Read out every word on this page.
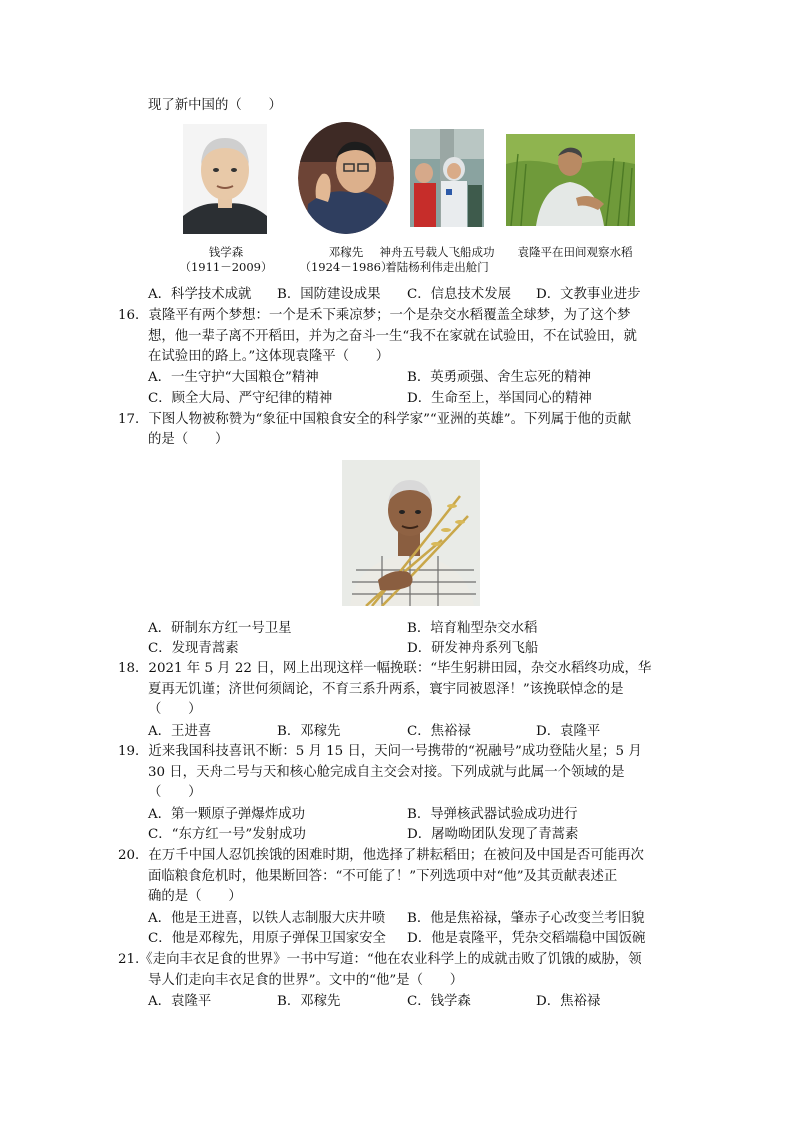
现了新中国的（　　）
钱学森
（1911－2009）
邓稼先
（1924－1986）
神舟五号载人飞船成功
着陆杨利伟走出舱门
袁隆平在田间观察水稻
A．科学技术成就 B．国防建设成果 C．信息技术发展 D．文教事业进步
16．袁隆平有两个梦想：一个是禾下乘凉梦；一个是杂交水稻覆盖全球梦，为了这个梦
想，他一辈子离不开稻田，并为之奋斗一生“我不在家就在试验田，不在试验田，就
在试验田的路上。”这体现袁隆平（　　）
A．一生守护“大国粮仓”精神	B．英勇顽强、舍生忘死的精神
C．顾全大局、严守纪律的精神	D．生命至上，举国同心的精神
17．下图人物被称赞为“象征中国粮食安全的科学家”“亚洲的英雄”。下列属于他的贡献
的是（　　）
A．研制东方红一号卫星	B．培育籼型杂交水稻
C．发现青蒿素	D．研发神舟系列飞船
18．2021 年 5 月 22 日，网上出现这样一幅挽联：“毕生躬耕田园，杂交水稻终功成，华
夏再无饥谨；济世何须阔论，不育三系升两系，寰宇同被恩泽！”该挽联悼念的是
（　　）
A．王进喜	B．邓稼先	C．焦裕禄	D．袁隆平
19．近来我国科技喜讯不断：5 月 15 日，天问一号携带的“祝融号”成功登陆火星；5 月
30 日，天舟二号与天和核心舱完成自主交会对接。下列成就与此属一个领域的是
（　　）
A．第一颗原子弹爆炸成功	B．导弹核武器试验成功进行
C．“东方红一号”发射成功	D．屠呦呦团队发现了青蒿素
20．在万千中国人忍饥挨饿的困难时期，他选择了耕耘稻田；在被问及中国是否可能再次
面临粮食危机时，他果断回答：“不可能了！”下列选项中对“他”及其贡献表述正
确的是（　　）
A．他是王进喜，以铁人志制服大庆井喷 B．他是焦裕禄，肇赤子心改变兰考旧貌
C．他是邓稼先，用原子弹保卫国家安全 D．他是袁隆平，凭杂交稻端稳中国饭碗
21.《走向丰衣足食的世界》一书中写道：“他在农业科学上的成就击败了饥饿的威胁，领
导人们走向丰衣足食的世界”。文中的“他”是（　　）
A．袁隆平	B．邓稼先	C．钱学森	D．焦裕禄
